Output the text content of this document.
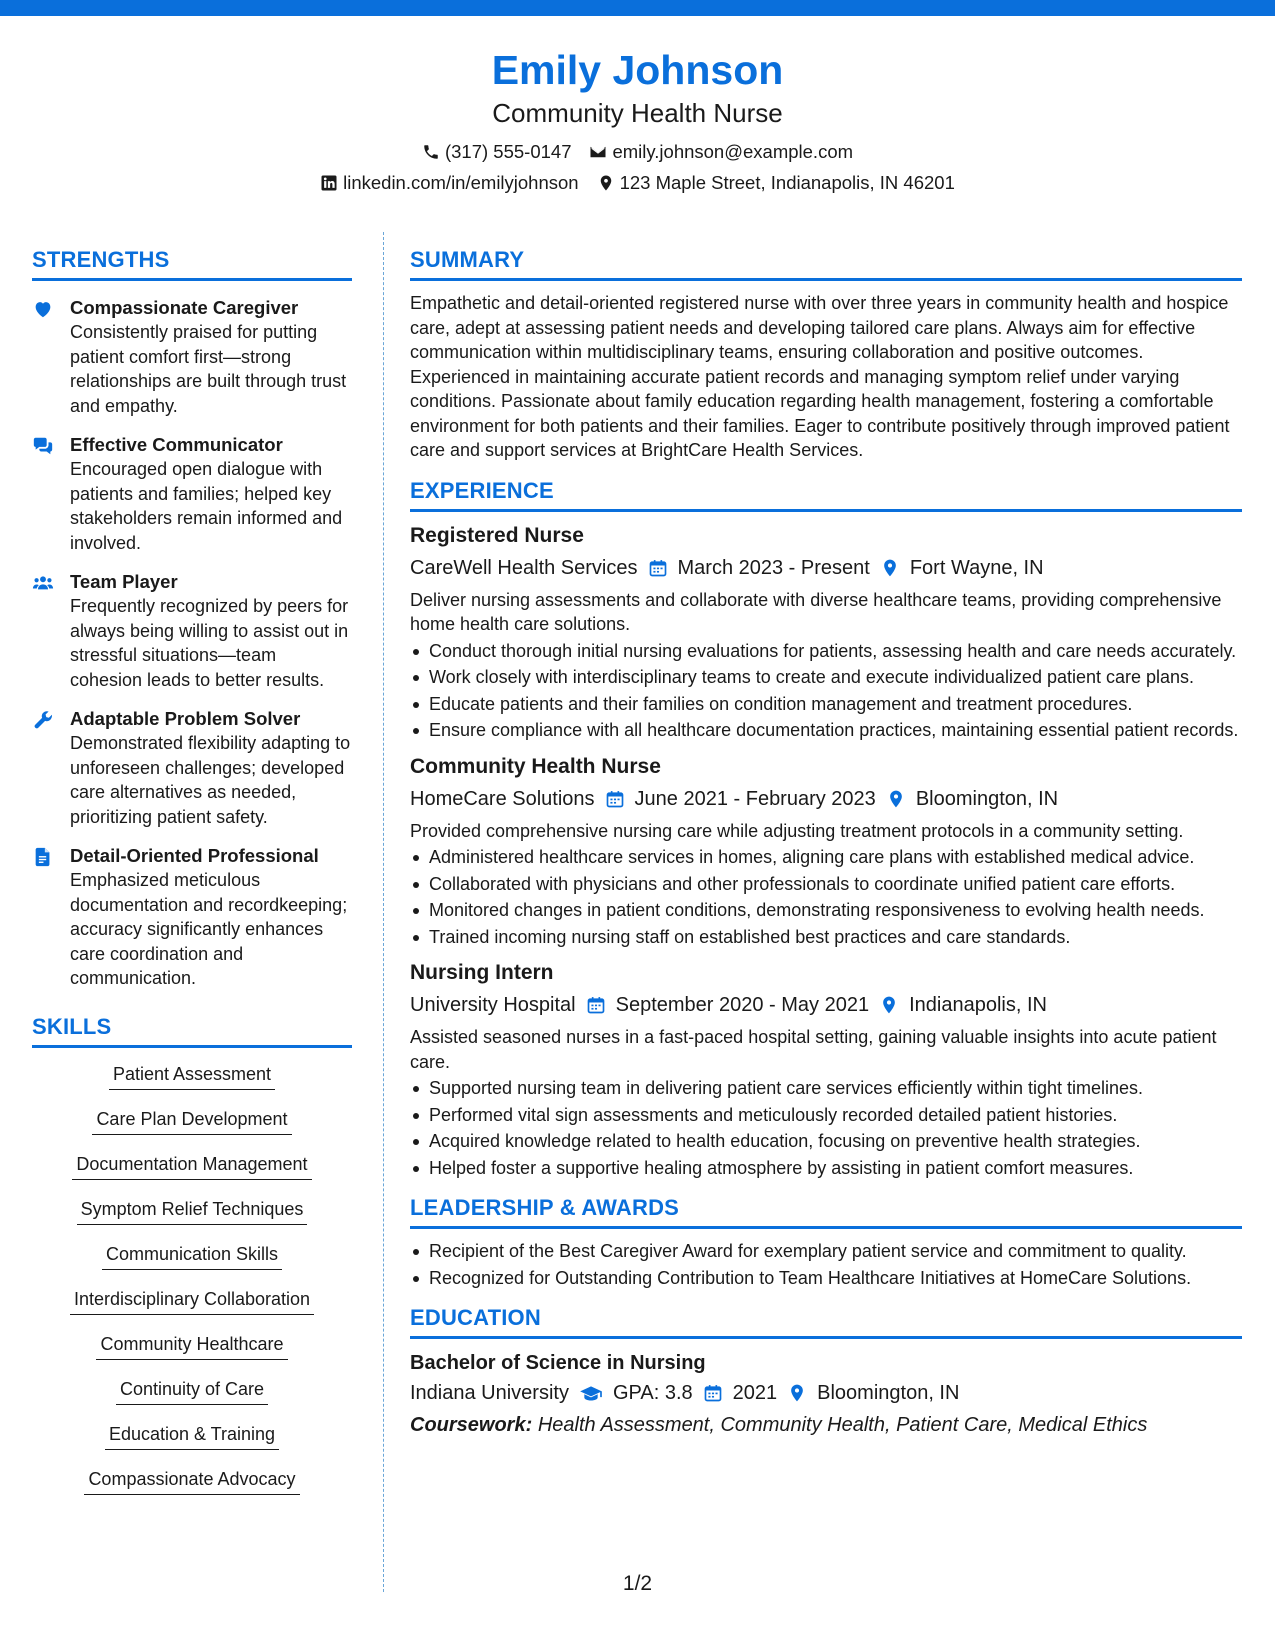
Emily Johnson
Community Health Nurse
(317) 555-0147 emily.johnson@example.com
linkedin.com/in/emilyjohnson 123 Maple Street, Indianapolis, IN 46201
STRENGTHS
Compassionate Caregiver
Consistently praised for putting patient comfort first—strong relationships are built through trust and empathy.
Effective Communicator
Encouraged open dialogue with patients and families; helped key stakeholders remain informed and involved.
Team Player
Frequently recognized by peers for always being willing to assist out in stressful situations—team cohesion leads to better results.
Adaptable Problem Solver
Demonstrated flexibility adapting to unforeseen challenges; developed care alternatives as needed, prioritizing patient safety.
Detail-Oriented Professional
Emphasized meticulous documentation and recordkeeping; accuracy significantly enhances care coordination and communication.
SKILLS
Patient Assessment
Care Plan Development
Documentation Management
Symptom Relief Techniques
Communication Skills
Interdisciplinary Collaboration
Community Healthcare
Continuity of Care
Education & Training
Compassionate Advocacy
SUMMARY
Empathetic and detail-oriented registered nurse with over three years in community health and hospice care, adept at assessing patient needs and developing tailored care plans. Always aim for effective communication within multidisciplinary teams, ensuring collaboration and positive outcomes. Experienced in maintaining accurate patient records and managing symptom relief under varying conditions. Passionate about family education regarding health management, fostering a comfortable environment for both patients and their families. Eager to contribute positively through improved patient care and support services at BrightCare Health Services.
EXPERIENCE
Registered Nurse
CareWell Health Services March 2023 - Present Fort Wayne, IN
Deliver nursing assessments and collaborate with diverse healthcare teams, providing comprehensive home health care solutions.
Conduct thorough initial nursing evaluations for patients, assessing health and care needs accurately.
Work closely with interdisciplinary teams to create and execute individualized patient care plans.
Educate patients and their families on condition management and treatment procedures.
Ensure compliance with all healthcare documentation practices, maintaining essential patient records.
Community Health Nurse
HomeCare Solutions June 2021 - February 2023 Bloomington, IN
Provided comprehensive nursing care while adjusting treatment protocols in a community setting.
Administered healthcare services in homes, aligning care plans with established medical advice.
Collaborated with physicians and other professionals to coordinate unified patient care efforts.
Monitored changes in patient conditions, demonstrating responsiveness to evolving health needs.
Trained incoming nursing staff on established best practices and care standards.
Nursing Intern
University Hospital September 2020 - May 2021 Indianapolis, IN
Assisted seasoned nurses in a fast-paced hospital setting, gaining valuable insights into acute patient care.
Supported nursing team in delivering patient care services efficiently within tight timelines.
Performed vital sign assessments and meticulously recorded detailed patient histories.
Acquired knowledge related to health education, focusing on preventive health strategies.
Helped foster a supportive healing atmosphere by assisting in patient comfort measures.
LEADERSHIP & AWARDS
Recipient of the Best Caregiver Award for exemplary patient service and commitment to quality.
Recognized for Outstanding Contribution to Team Healthcare Initiatives at HomeCare Solutions.
EDUCATION
Bachelor of Science in Nursing
Indiana University GPA: 3.8 2021 Bloomington, IN
Coursework: Health Assessment, Community Health, Patient Care, Medical Ethics
1/2
